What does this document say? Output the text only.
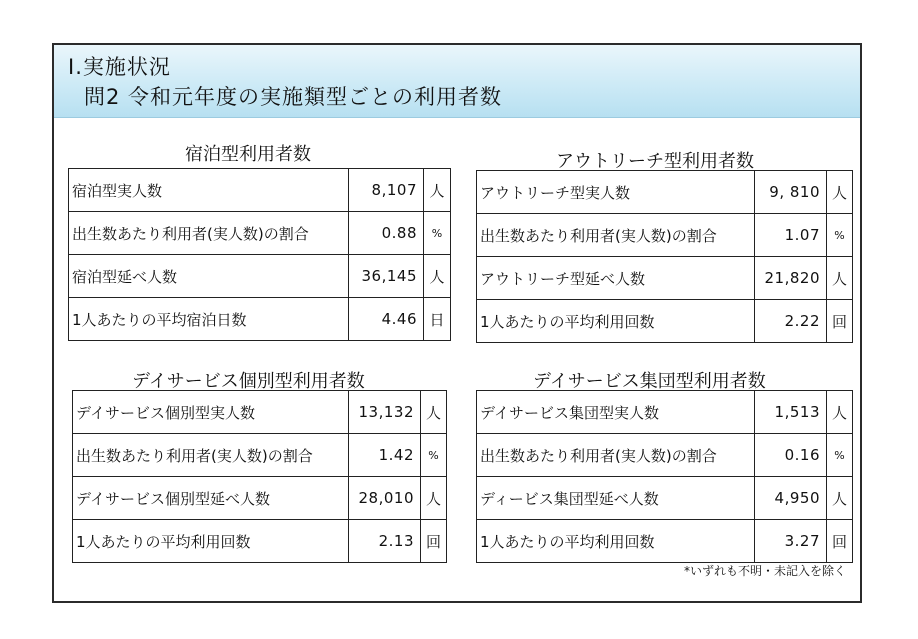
Ⅰ.実施状況
問2 令和元年度の実施類型ごとの利用者数
宿泊型利用者数
宿泊型実人数	8,107	人
出生数あたり利用者(実人数)の割合	0.88	%
宿泊型延べ人数	36,145	人
1人あたりの平均宿泊日数	4.46	日
アウトリーチ型利用者数
アウトリーチ型実人数	9, 810	人
出生数あたり利用者(実人数)の割合	1.07	%
アウトリーチ型延べ人数	21,820	人
1人あたりの平均利用回数	2.22	回
デイサービス個別型利用者数
デイサービス個別型実人数	13,132	人
出生数あたり利用者(実人数)の割合	1.42	%
デイサービス個別型延べ人数	28,010	人
1人あたりの平均利用回数	2.13	回
デイサービス集団型利用者数
デイサービス集団型実人数	1,513	人
出生数あたり利用者(実人数)の割合	0.16	%
ディービス集団型延べ人数	4,950	人
1人あたりの平均利用回数	3.27	回
*いずれも不明・未記入を除く
